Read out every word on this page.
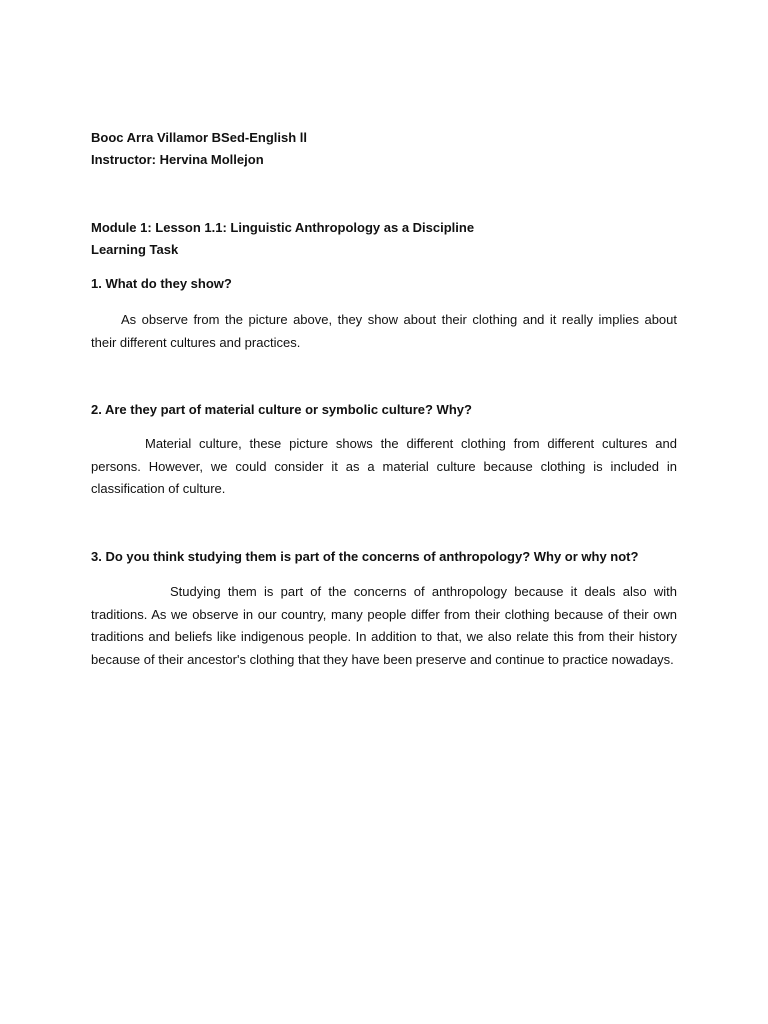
Booc Arra Villamor BSed-English ll

Instructor: Hervina Mollejon

Module 1: Lesson 1.1: Linguistic Anthropology as a Discipline

Learning Task

1. What do they show?

As observe from the picture above, they show about their clothing and it really implies about their different cultures and practices.

2. Are they part of material culture or symbolic culture? Why?

Material culture, these picture shows the different clothing from different cultures and persons. However, we could consider it as a material culture because clothing is included in classification of culture.

3. Do you think studying them is part of the concerns of anthropology? Why or why not?

Studying them is part of the concerns of anthropology because it deals also with traditions. As we observe in our country, many people differ from their clothing because of their own traditions and beliefs like indigenous people. In addition to that, we also relate this from their history because of their ancestor's clothing that they have been preserve and continue to practice nowadays.
